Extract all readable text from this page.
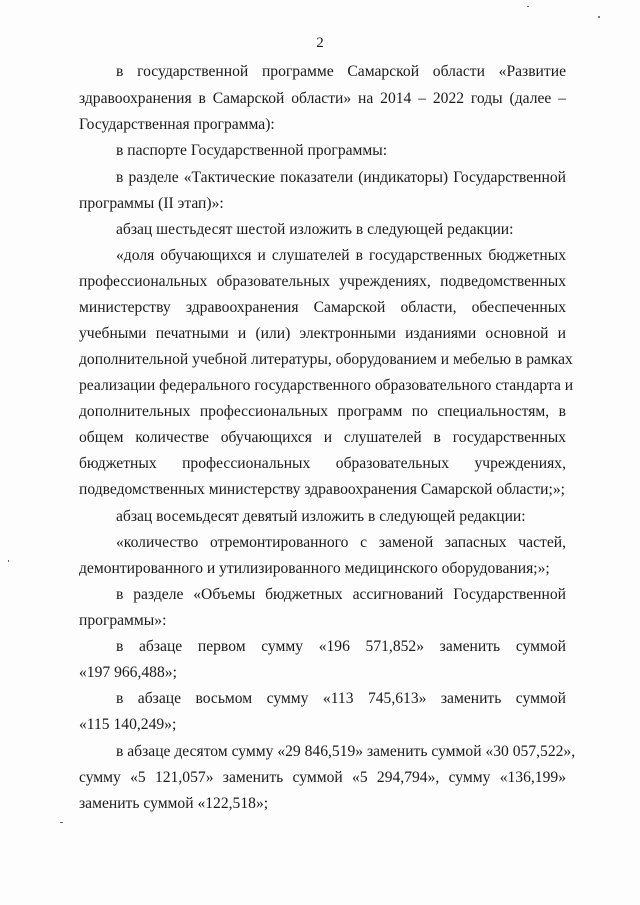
2
в государственной программе Самарской области «Развитие
здравоохранения в Самарской области» на 2014 – 2022 годы (далее –
Государственная программа):
в паспорте Государственной программы:
в разделе «Тактические показатели (индикаторы) Государственной
программы (II этап)»:
абзац шестьдесят шестой изложить в следующей редакции:
«доля обучающихся и слушателей в государственных бюджетных
профессиональных образовательных учреждениях, подведомственных
министерству здравоохранения Самарской области, обеспеченных
учебными печатными и (или) электронными изданиями основной и
дополнительной учебной литературы, оборудованием и мебелью в рамках
реализации федерального государственного образовательного стандарта и
дополнительных профессиональных программ по специальностям, в
общем количестве обучающихся и слушателей в государственных
бюджетных профессиональных образовательных учреждениях,
подведомственных министерству здравоохранения Самарской области;»;
абзац восемьдесят девятый изложить в следующей редакции:
«количество отремонтированного с заменой запасных частей,
демонтированного и утилизированного медицинского оборудования;»;
в разделе «Объемы бюджетных ассигнований Государственной
программы»:
в абзаце первом сумму «196 571,852» заменить суммой
«197 966,488»;
в абзаце восьмом сумму «113 745,613» заменить суммой
«115 140,249»;
в абзаце десятом сумму «29 846,519» заменить суммой «30 057,522»,
сумму «5 121,057» заменить суммой «5 294,794», сумму «136,199»
заменить суммой «122,518»;
